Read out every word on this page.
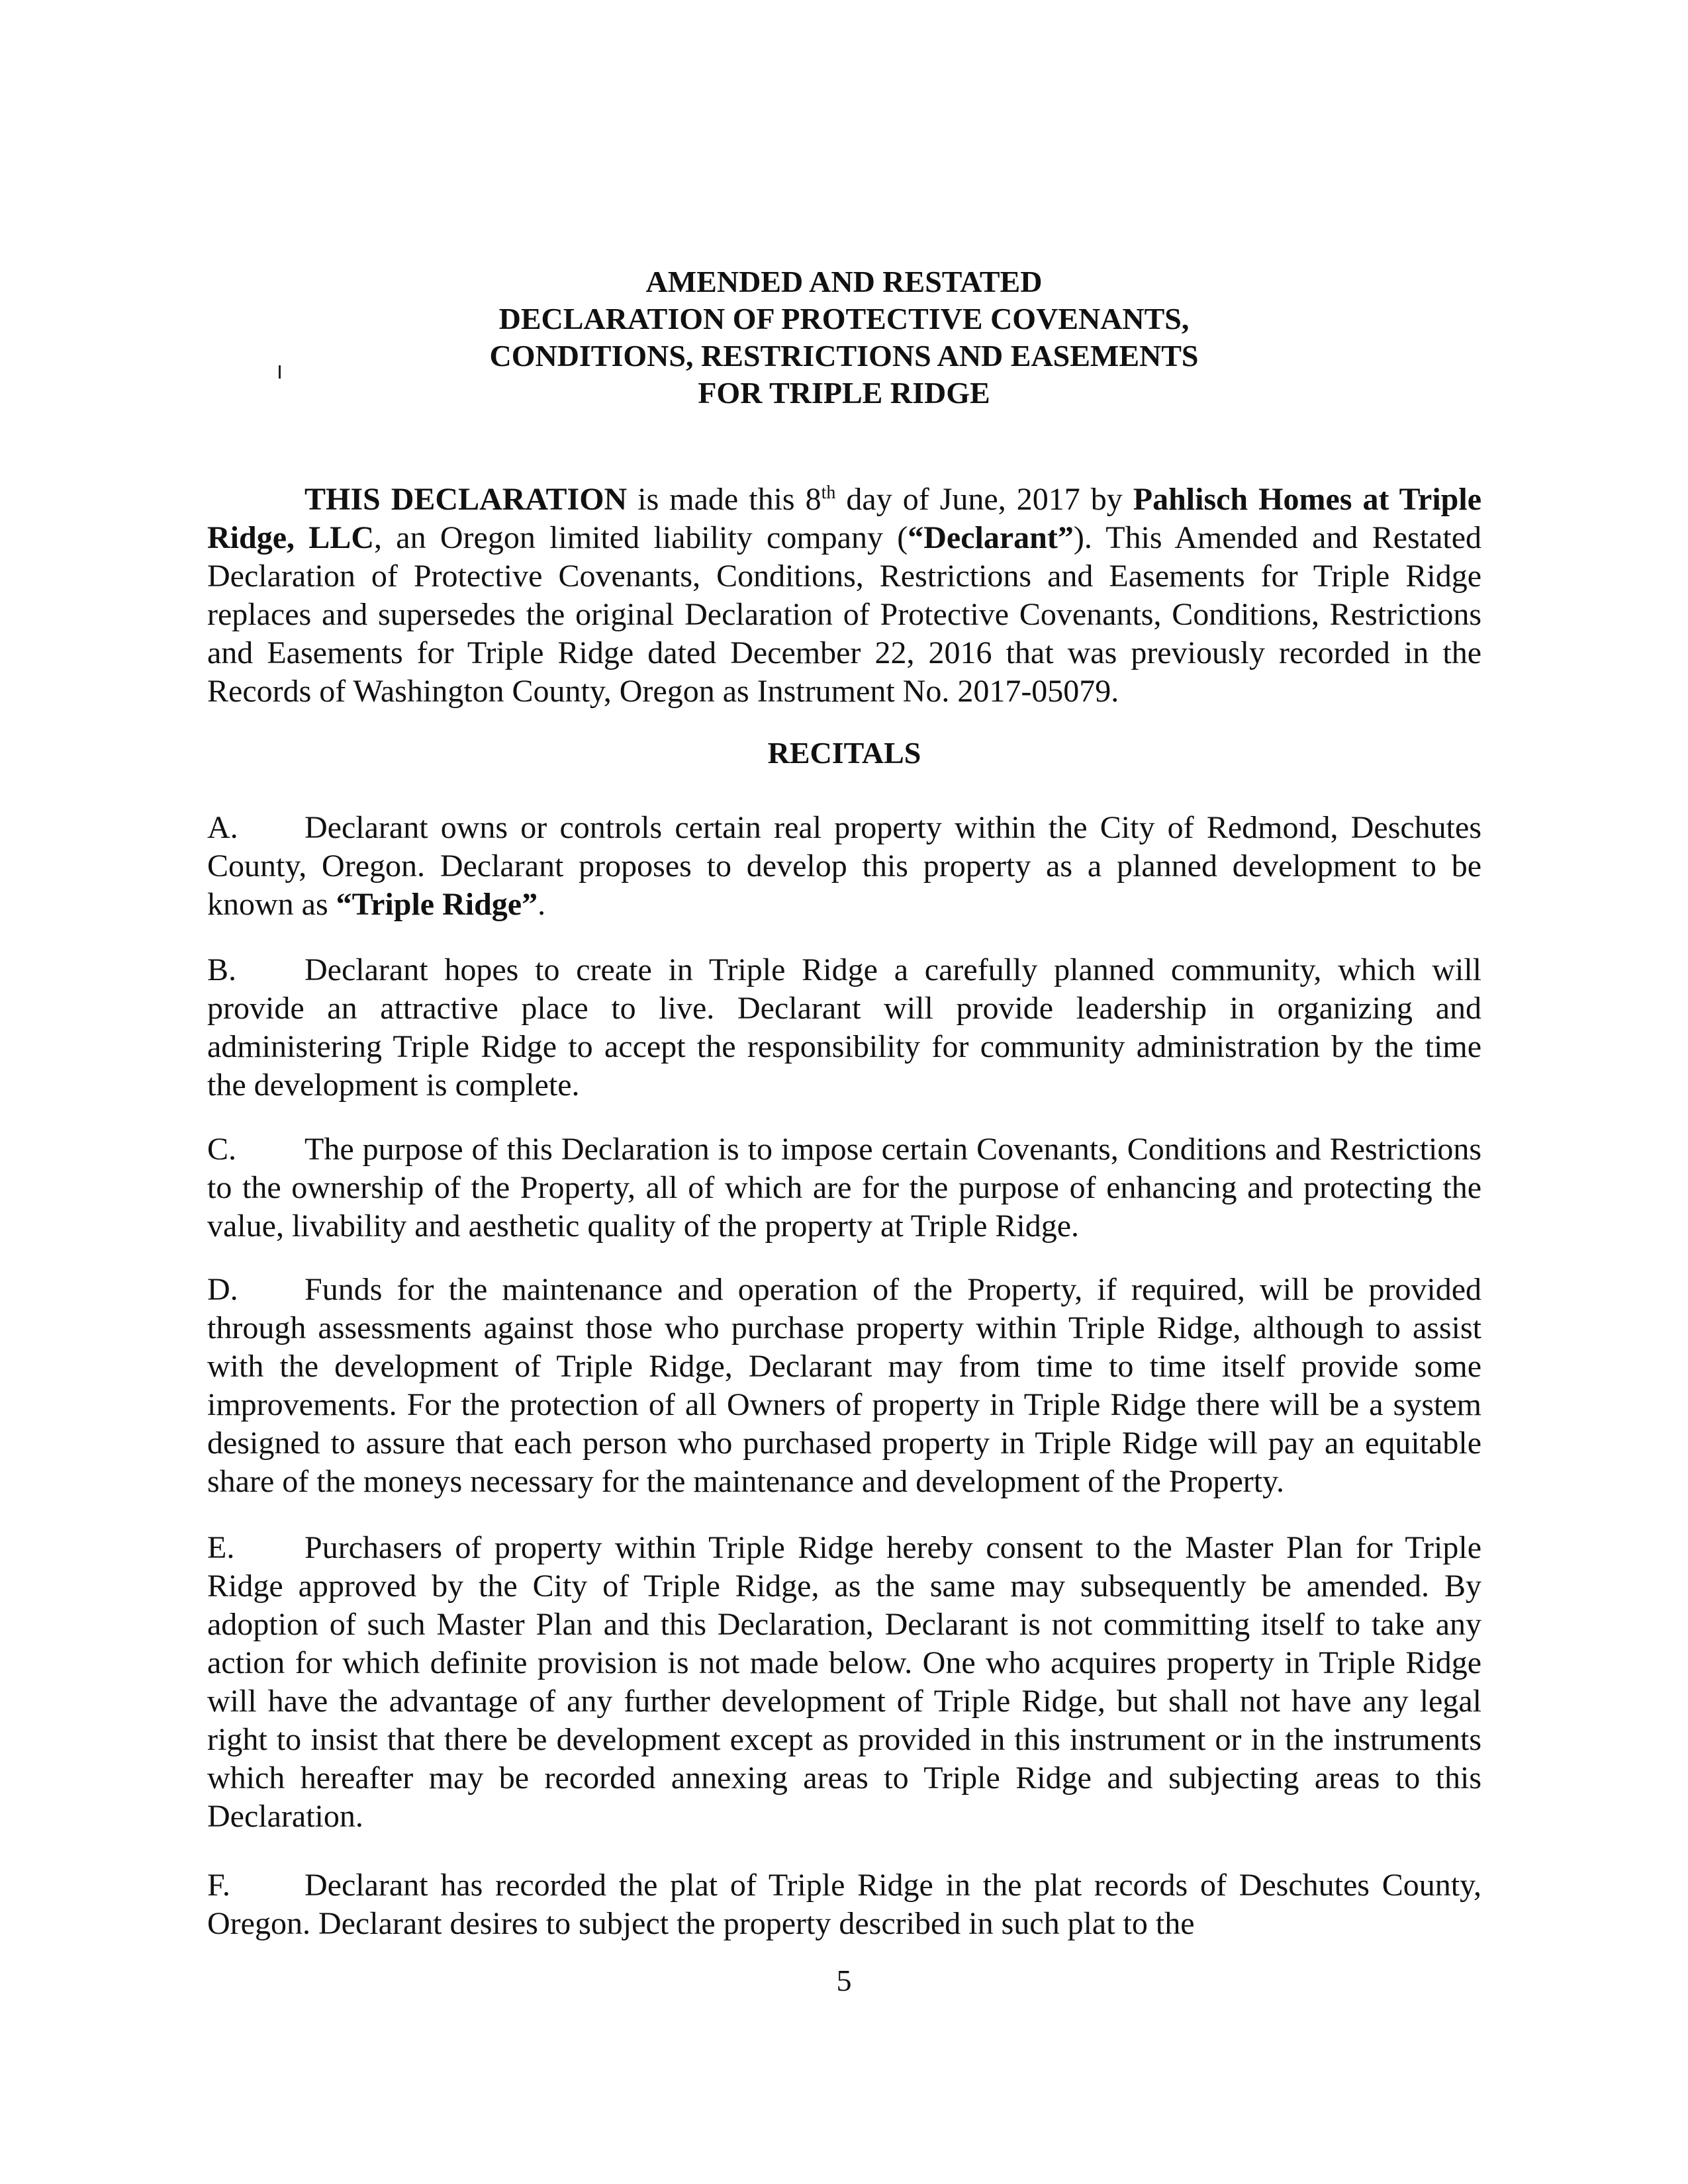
AMENDED AND RESTATED
DECLARATION OF PROTECTIVE COVENANTS,
CONDITIONS, RESTRICTIONS AND EASEMENTS
FOR TRIPLE RIDGE
THIS DECLARATION is made this 8th day of June, 2017 by Pahlisch Homes at Triple Ridge, LLC, an Oregon limited liability company (“Declarant”). This Amended and Restated Declaration of Protective Covenants, Conditions, Restrictions and Easements for Triple Ridge replaces and supersedes the original Declaration of Protective Covenants, Conditions, Restrictions and Easements for Triple Ridge dated December 22, 2016 that was previously recorded in the Records of Washington County, Oregon as Instrument No. 2017-05079.
RECITALS
A. Declarant owns or controls certain real property within the City of Redmond, Deschutes County, Oregon. Declarant proposes to develop this property as a planned development to be known as “Triple Ridge”.
B. Declarant hopes to create in Triple Ridge a carefully planned community, which will provide an attractive place to live. Declarant will provide leadership in organizing and administering Triple Ridge to accept the responsibility for community administration by the time the development is complete.
C. The purpose of this Declaration is to impose certain Covenants, Conditions and Restrictions to the ownership of the Property, all of which are for the purpose of enhancing and protecting the value, livability and aesthetic quality of the property at Triple Ridge.
D. Funds for the maintenance and operation of the Property, if required, will be provided through assessments against those who purchase property within Triple Ridge, although to assist with the development of Triple Ridge, Declarant may from time to time itself provide some improvements. For the protection of all Owners of property in Triple Ridge there will be a system designed to assure that each person who purchased property in Triple Ridge will pay an equitable share of the moneys necessary for the maintenance and development of the Property.
E. Purchasers of property within Triple Ridge hereby consent to the Master Plan for Triple Ridge approved by the City of Triple Ridge, as the same may subsequently be amended. By adoption of such Master Plan and this Declaration, Declarant is not committing itself to take any action for which definite provision is not made below. One who acquires property in Triple Ridge will have the advantage of any further development of Triple Ridge, but shall not have any legal right to insist that there be development except as provided in this instrument or in the instruments which hereafter may be recorded annexing areas to Triple Ridge and subjecting areas to this Declaration.
F. Declarant has recorded the plat of Triple Ridge in the plat records of Deschutes County, Oregon. Declarant desires to subject the property described in such plat to the
5
